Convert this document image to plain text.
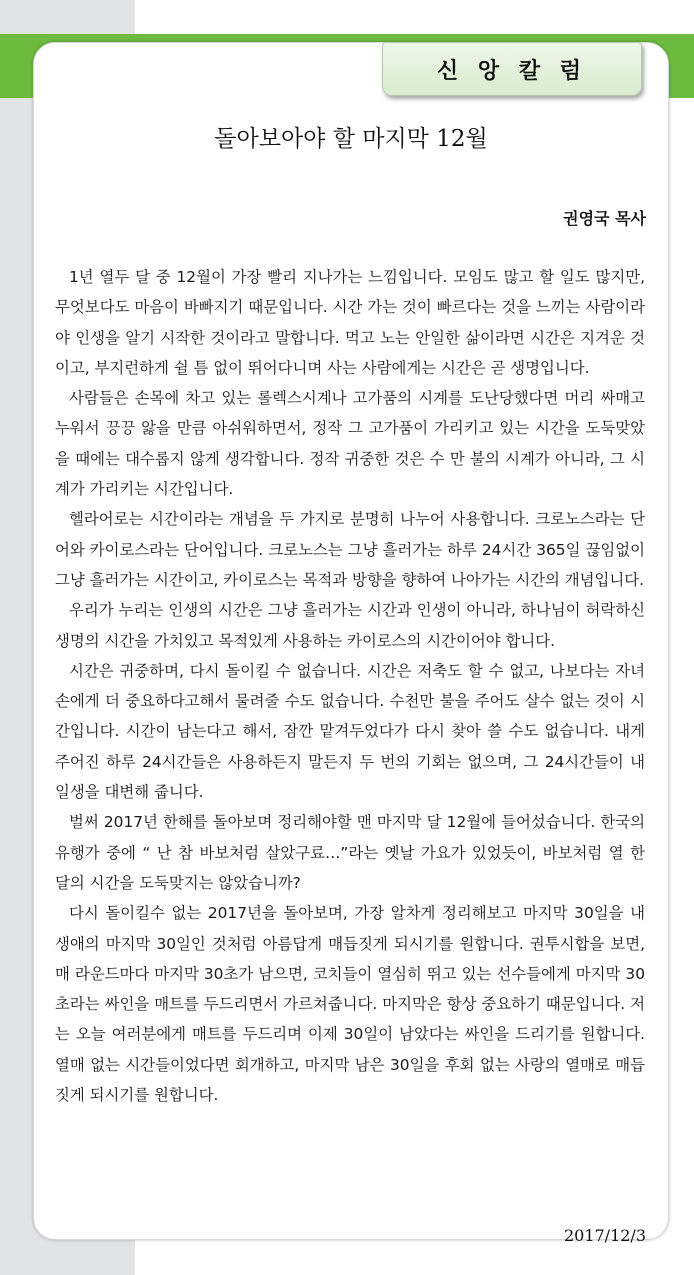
신 앙 칼 럼
돌아보아야 할 마지막 12월
권영국 목사

1년 열두 달 중 12월이 가장 빨리 지나가는 느낌입니다. 모임도 많고 할 일도 많지만, 무엇보다도 마음이 바빠지기 때문입니다. 시간 가는 것이 빠르다는 것을 느끼는 사람이라야 인생을 알기 시작한 것이라고 말합니다. 먹고 노는 안일한 삶이라면 시간은 지겨운 것이고, 부지런하게 쉴 틈 없이 뛰어다니며 사는 사람에게는 시간은 곧 생명입니다.

사람들은 손목에 차고 있는 롤렉스시계나 고가품의 시계를 도난당했다면 머리 싸매고 누워서 끙끙 앓을 만큼 아쉬워하면서, 정작 그 고가품이 가리키고 있는 시간을 도둑맞았을 때에는 대수롭지 않게 생각합니다. 정작 귀중한 것은 수 만 불의 시계가 아니라, 그 시계가 가리키는 시간입니다.

헬라어로는 시간이라는 개념을 두 가지로 분명히 나누어 사용합니다. 크로노스라는 단어와 카이로스라는 단어입니다. 크로노스는 그냥 흘러가는 하루 24시간 365일 끊임없이 그냥 흘러가는 시간이고, 카이로스는 목적과 방향을 향하여 나아가는 시간의 개념입니다.

우리가 누리는 인생의 시간은 그냥 흘러가는 시간과 인생이 아니라, 하나님이 허락하신 생명의 시간을 가치있고 목적있게 사용하는 카이로스의 시간이어야 합니다.

시간은 귀중하며, 다시 돌이킬 수 없습니다. 시간은 저축도 할 수 없고, 나보다는 자녀손에게 더 중요하다고해서 물려줄 수도 없습니다. 수천만 불을 주어도 살수 없는 것이 시간입니다. 시간이 남는다고 해서, 잠깐 맡겨두었다가 다시 찾아 쓸 수도 없습니다. 내게 주어진 하루 24시간들은 사용하든지 말든지 두 번의 기회는 없으며, 그 24시간들이 내 일생을 대변해 줍니다.

벌써 2017년 한해를 돌아보며 정리해야할 맨 마지막 달 12월에 들어섰습니다. 한국의 유행가 중에 “ 난 참 바보처럼 살았구료…”라는 옛날 가요가 있었듯이, 바보처럼 열 한 달의 시간을 도둑맞지는 않았습니까?

다시 돌이킬수 없는 2017년을 돌아보며, 가장 알차게 정리해보고 마지막 30일을 내 생애의 마지막 30일인 것처럼 아름답게 매듭짓게 되시기를 원합니다. 권투시합을 보면, 매 라운드마다 마지막 30초가 남으면, 코치들이 열심히 뛰고 있는 선수들에게 마지막 30초라는 싸인을 매트를 두드리면서 가르쳐줍니다. 마지막은 항상 중요하기 때문입니다. 저는 오늘 여러분에게 매트를 두드리며 이제 30일이 남았다는 싸인을 드리기를 원합니다. 열매 없는 시간들이었다면 회개하고, 마지막 남은 30일을 후회 없는 사랑의 열매로 매듭짓게 되시기를 원합니다.

2017/12/3
